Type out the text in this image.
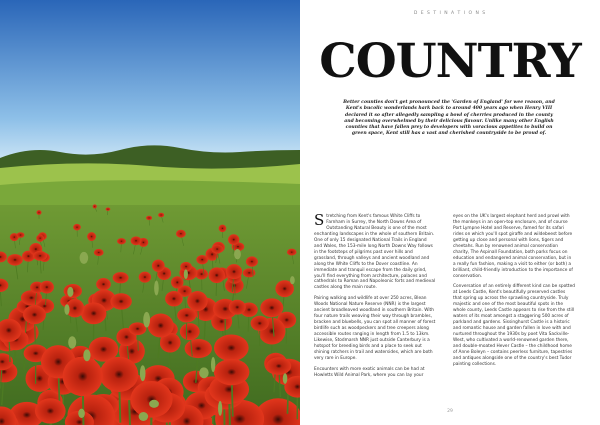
D E S T I N A T I O N S
COUNTRY
Better counties don't get pronounced the 'Garden of England' for wee reason, and Kent's bucolic wonderlands hark back to around 400 years ago when Henry VIII declared it so after allegedly sampling a bowl of cherries produced in the county and becoming overwhelmed by their delicious flavour. Unlike many other English counties that have fallen prey to developers with voracious appetites to build on green space, Kent still has a vast and cherished countryside to be proud of.

Stretching from Kent's famous White Cliffs to Farnham in Surrey, the North Downs Area of Outstanding Natural Beauty is one of the most enchanting landscapes in the whole of southern Britain. One of only 15 designated National Trails in England and Wales, the 153-mile long North Downs Way follows in the footsteps of pilgrims past over hills and grassland, through valleys and ancient woodland and along the White Cliffs to the Dover coastline. An immediate and tranquil escape from the daily grind, you'll find everything from architecture, palaces and cathedrals to Roman and Napoleonic forts and medieval castles along the main route.

Pairing walking and wildlife at over 250 acres, Blean Woods National Nature Reserve (NNR) is the largest ancient broadleaved woodland in southern Britain. With four nature trails weaving their way through brambles, bracken and bluebells, you can spot all manner of forest birdlife such as woodpeckers and tree creepers along accessible routes ranging in length from 1.5 to 13km. Likewise, Stodmarsh NNR just outside Canterbury is a hotspot for breeding birds and a place to seek out shining ratchers in trail and watersides, which are both very rare in Europe.

Encounters with more exotic animals can be had at Howletts Wild Animal Park, where you can lay your

eyes on the UK's largest elephant herd and prowl with the monkeys in an open-top enclosure, and of course Port Lympne Hotel and Reserve, famed for its safari rides on which you'll spot giraffe and wildebeest before getting up close and personal with lions, tigers and cheetahs. Run by renowned animal conservation charity, The Aspinall Foundation, both parks focus on education and endangered animal conservation, but in a really fun fashion, making a visit to either (or both) a brilliant, child-friendly introduction to the importance of conservation.

Conversation of an entirely different kind can be spotted at Leeds Castle, Kent's beautifully preserved castles that spring up across the sprawling countryside. Truly majestic and one of the most beautiful spots in the whole county, Leeds Castle appears to rise from the still waters of its moat amongst a staggering 500 acres of parkland and gardens. Sissinghurst Castle is a historic and romantic house and garden fallen in love with and nurtured throughout the 1930s by poet Vita Sackville-West, who cultivated a world-renowned garden there, and double-moated Hever Castle – the childhood home of Anne Boleyn – contains peerless furniture, tapestries and antiques alongside one of the country's best Tudor painting collections.

29
